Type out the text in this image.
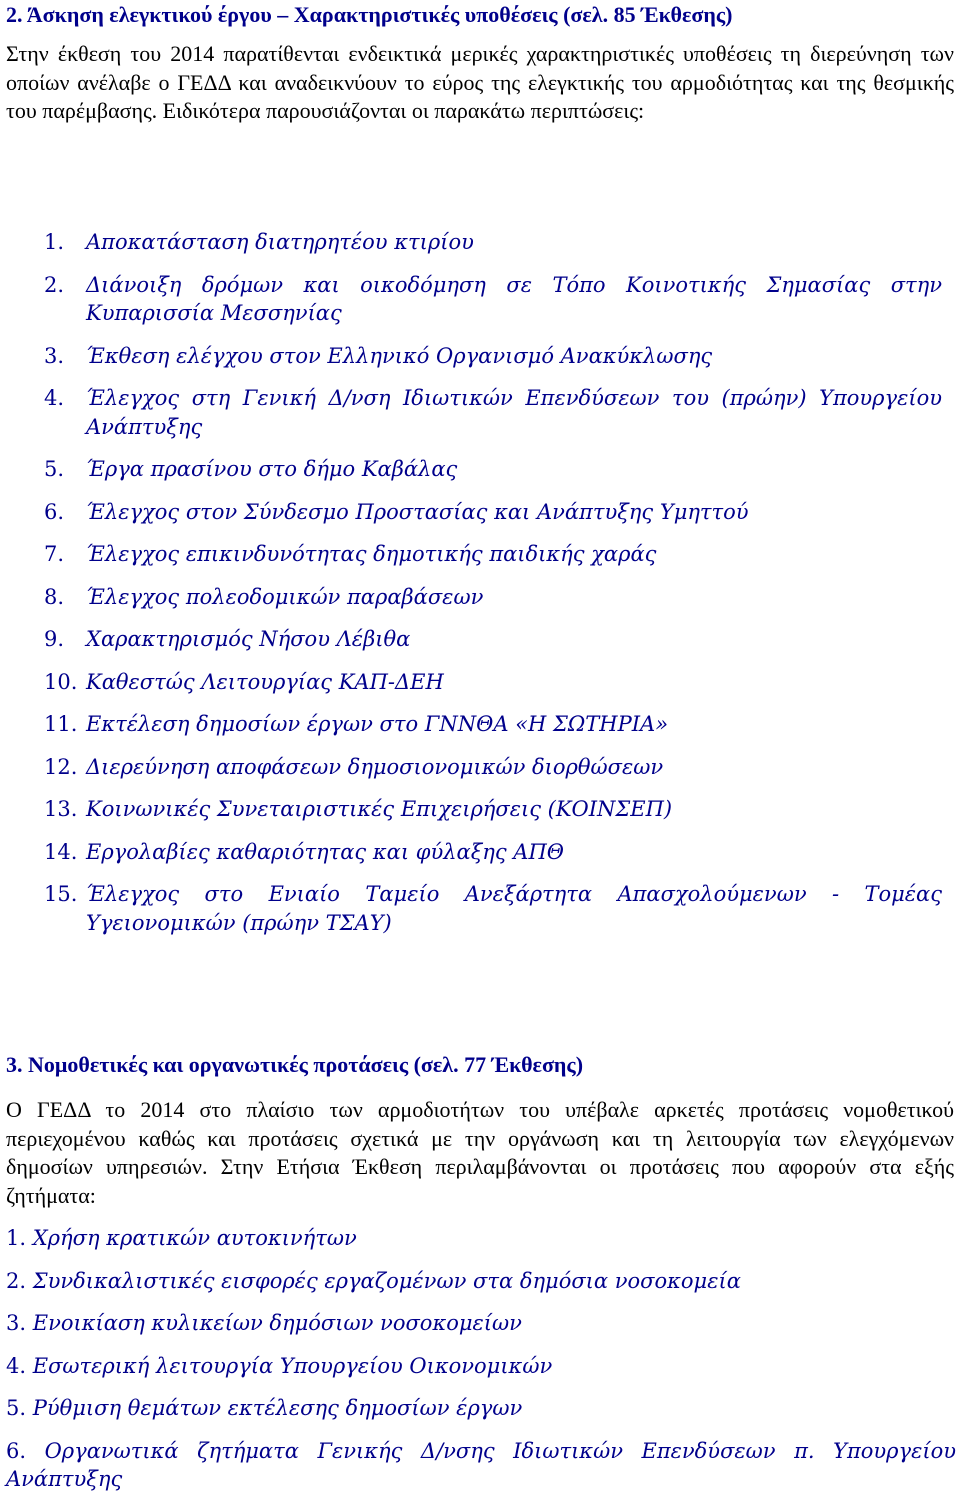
2. Άσκηση ελεγκτικού έργου – Χαρακτηριστικές υποθέσεις (σελ. 85 Έκθεσης)

Στην έκθεση του 2014 παρατίθενται ενδεικτικά μερικές χαρακτηριστικές υποθέσεις τη διερεύνηση των οποίων ανέλαβε ο ΓΕΔΔ και αναδεικνύουν το εύρος της ελεγκτικής του αρμοδιότητας και της θεσμικής του παρέμβασης. Ειδικότερα παρουσιάζονται οι παρακάτω περιπτώσεις:

1. Αποκατάσταση διατηρητέου κτιρίου
2. Διάνοιξη δρόμων και οικοδόμηση σε Τόπο Κοινοτικής Σημασίας στην Κυπαρισσία Μεσσηνίας
3. Έκθεση ελέγχου στον Ελληνικό Οργανισμό Ανακύκλωσης
4. Έλεγχος στη Γενική Δ/νση Ιδιωτικών Επενδύσεων του (πρώην) Υπουργείου Ανάπτυξης
5. Έργα πρασίνου στο δήμο Καβάλας
6. Έλεγχος στον Σύνδεσμο Προστασίας και Ανάπτυξης Υμηττού
7. Έλεγχος επικινδυνότητας δημοτικής παιδικής χαράς
8. Έλεγχος πολεοδομικών παραβάσεων
9. Χαρακτηρισμός Νήσου Λέβιθα
10. Καθεστώς Λειτουργίας ΚΑΠ-ΔΕΗ
11. Εκτέλεση δημοσίων έργων στο ΓΝΝΘΑ «Η ΣΩΤΗΡΙΑ»
12. Διερεύνηση αποφάσεων δημοσιονομικών διορθώσεων
13. Κοινωνικές Συνεταιριστικές Επιχειρήσεις (ΚΟΙΝΣΕΠ)
14. Εργολαβίες καθαριότητας και φύλαξης ΑΠΘ
15. Έλεγχος στο Ενιαίο Ταμείο Ανεξάρτητα Απασχολούμενων - Τομέας Υγειονομικών (πρώην ΤΣΑΥ)
3. Νομοθετικές και οργανωτικές προτάσεις (σελ. 77 Έκθεσης)

Ο ΓΕΔΔ το 2014 στο πλαίσιο των αρμοδιοτήτων του υπέβαλε αρκετές προτάσεις νομοθετικού περιεχομένου καθώς και προτάσεις σχετικά με την οργάνωση και τη λειτουργία των ελεγχόμενων δημοσίων υπηρεσιών. Στην Ετήσια Έκθεση περιλαμβάνονται οι προτάσεις που αφορούν στα εξής ζητήματα:

1. Χρήση κρατικών αυτοκινήτων
2. Συνδικαλιστικές εισφορές εργαζομένων στα δημόσια νοσοκομεία
3. Ενοικίαση κυλικείων δημόσιων νοσοκομείων
4. Εσωτερική λειτουργία Υπουργείου Οικονομικών
5. Ρύθμιση θεμάτων εκτέλεσης δημοσίων έργων
6. Οργανωτικά ζητήματα Γενικής Δ/νσης Ιδιωτικών Επενδύσεων π. Υπουργείου Ανάπτυξης
